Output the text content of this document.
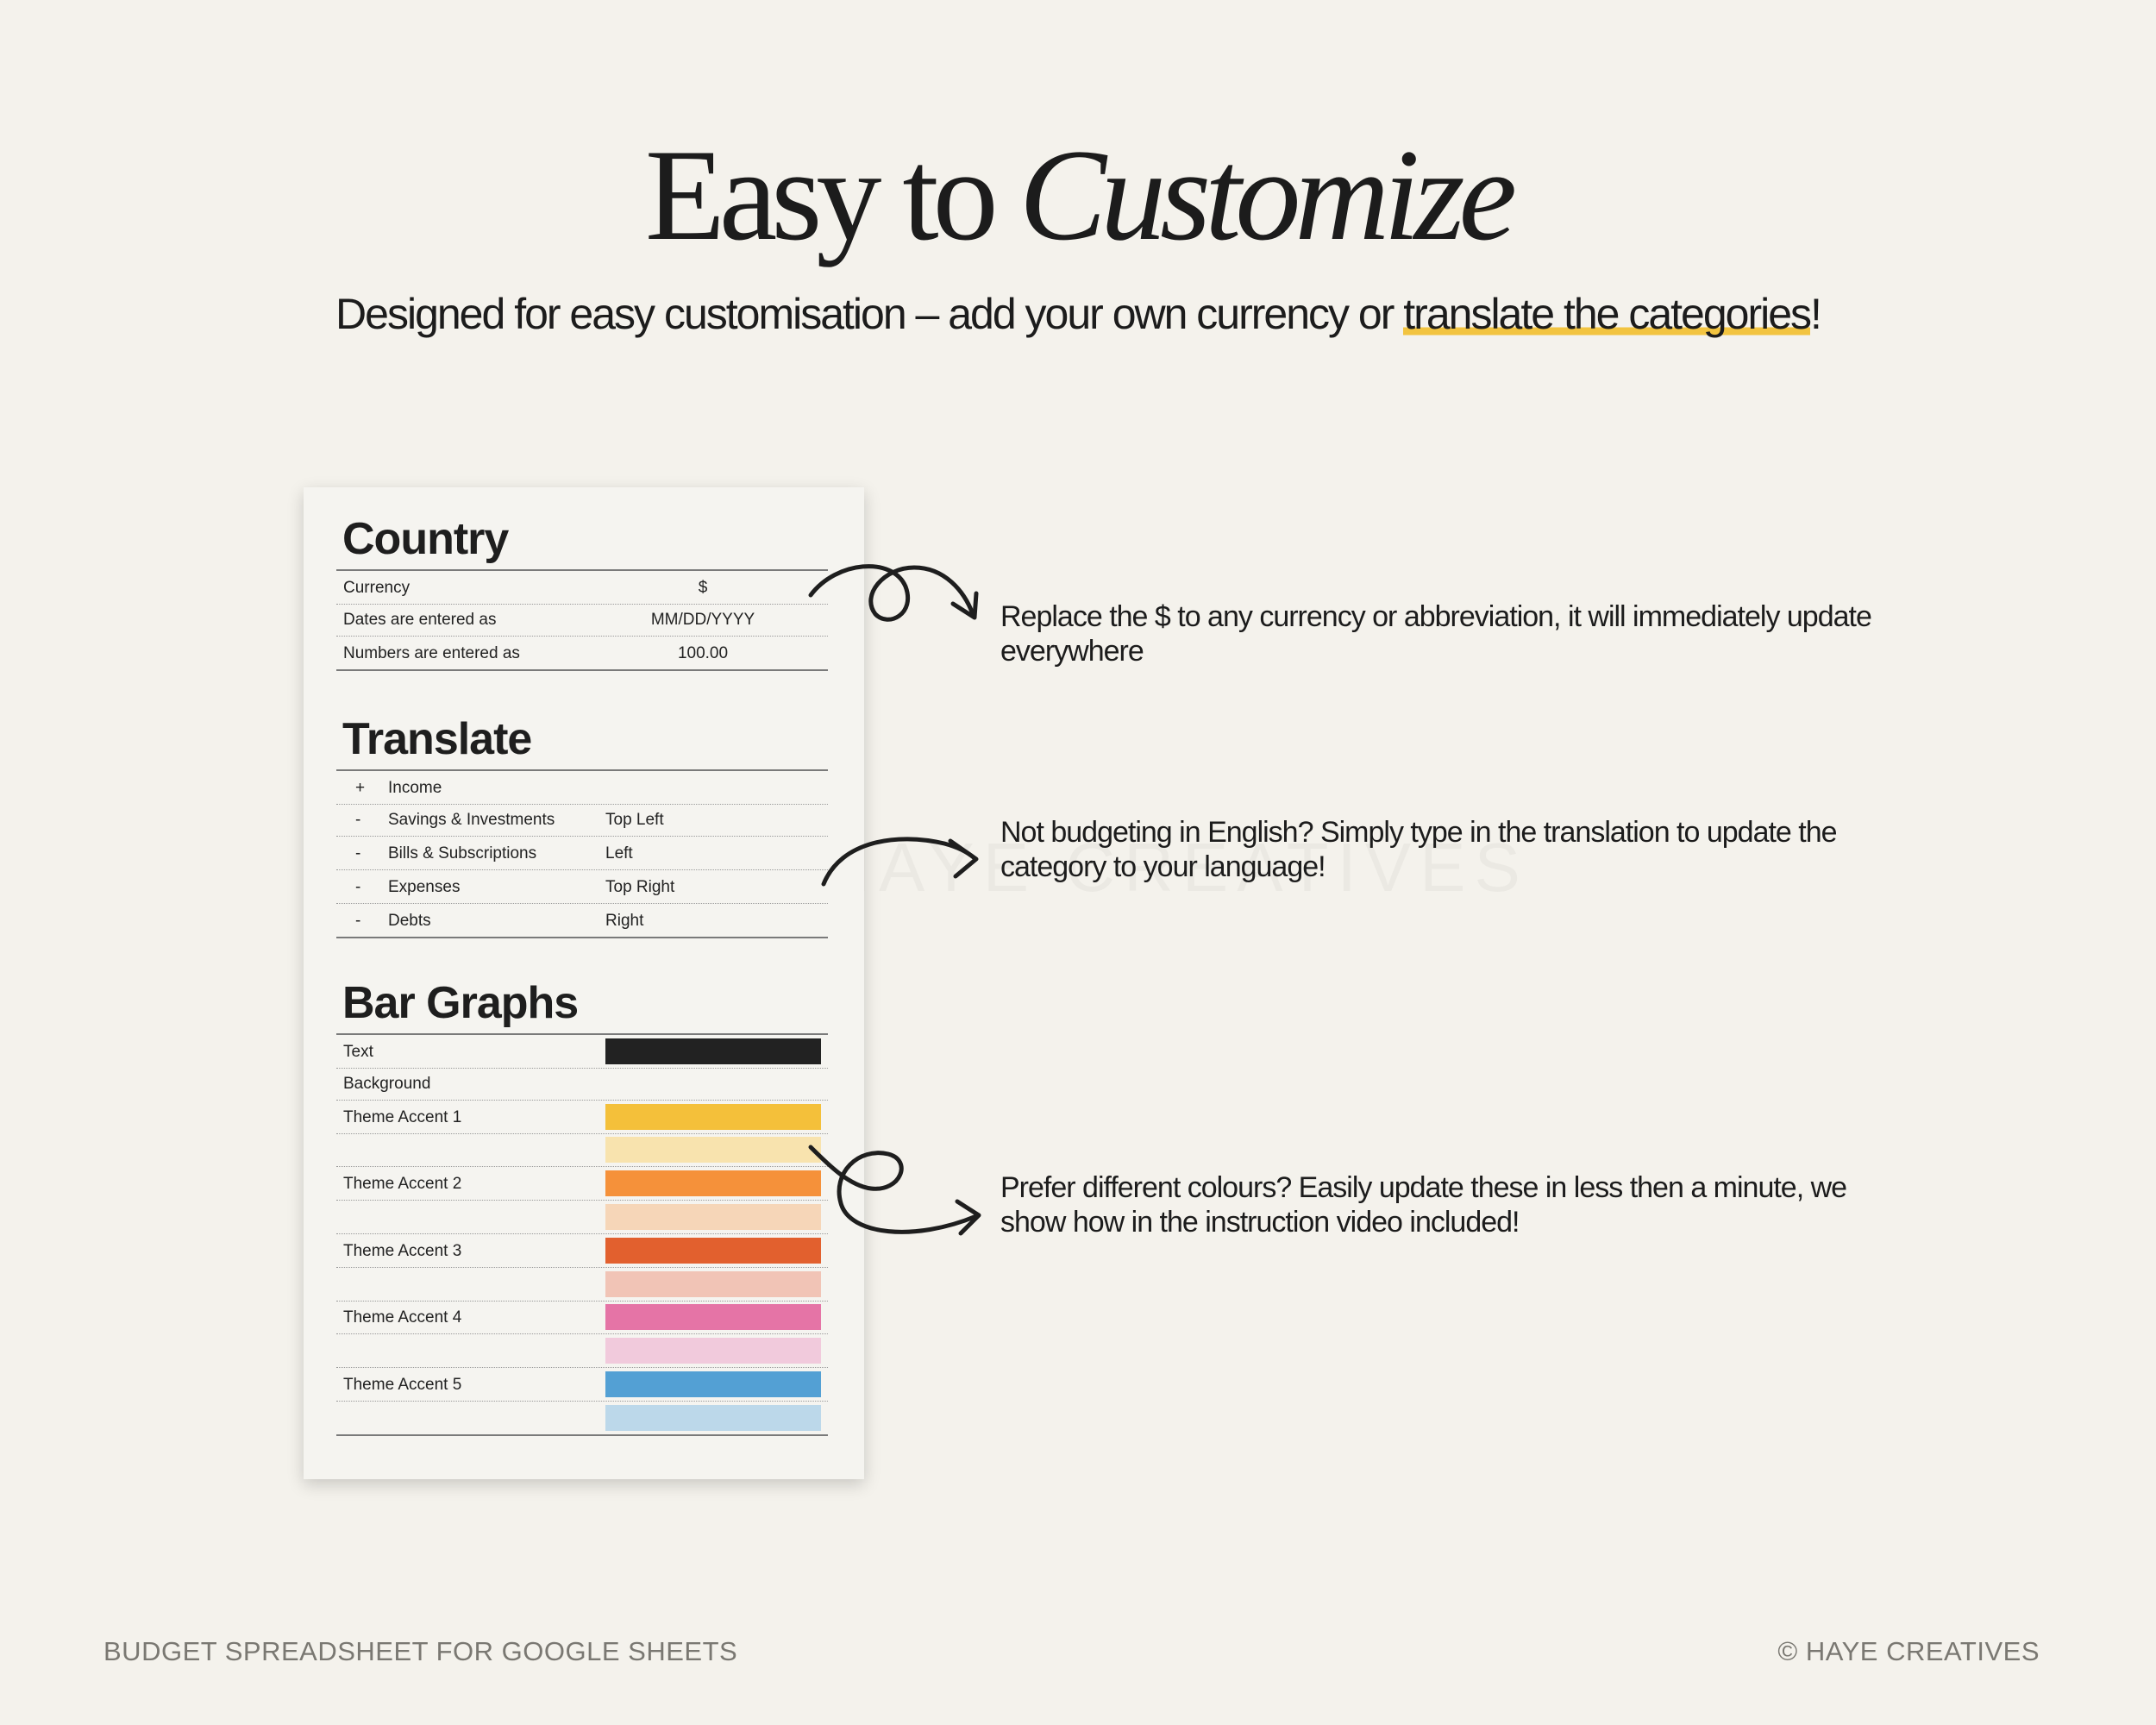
Easy to Customize
Designed for easy customisation – add your own currency or translate the categories!
Country
Currency	$
Dates are entered as	MM/DD/YYYY
Numbers are entered as	100.00
Translate
+ Income
- Savings & Investments	Top Left
- Bills & Subscriptions	Left
- Expenses	Top Right
- Debts	Right
Bar Graphs
Text
Background
Theme Accent 1
Theme Accent 2
Theme Accent 3
Theme Accent 4
Theme Accent 5
Replace the $ to any currency or abbreviation, it will immediately update everywhere
Not budgeting in English? Simply type in the translation to update the category to your language!
Prefer different colours? Easily update these in less then a minute, we show how in the instruction video included!
BUDGET SPREADSHEET FOR GOOGLE SHEETS	© HAYE CREATIVES
